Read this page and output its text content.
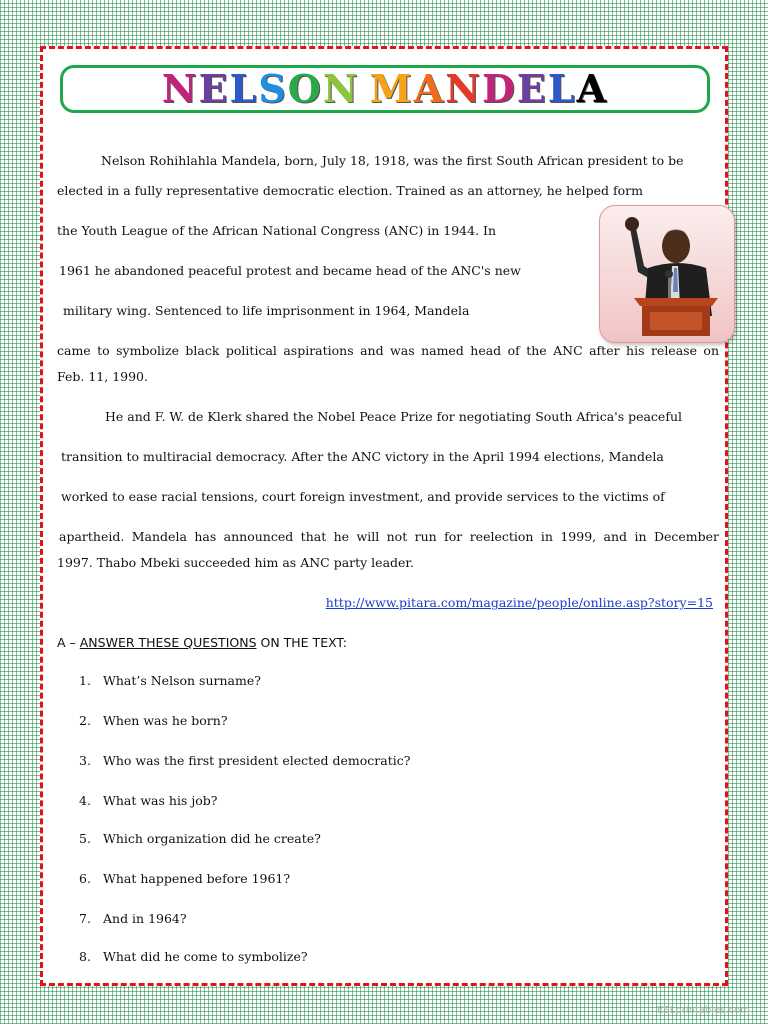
NELSON MANDELA
Nelson Rohihlahla Mandela, born, July 18, 1918, was the first South African president to be
elected in a fully representative democratic election. Trained as an attorney, he helped form
the Youth League of the African National Congress (ANC) in 1944. In
1961 he abandoned peaceful protest and became head of the ANC's new
military wing. Sentenced to life imprisonment in 1964, Mandela
came to symbolize black political aspirations and was named head of the ANC after his release on
Feb. 11, 1990.
He and F. W. de Klerk shared the Nobel Peace Prize for negotiating South Africa's peaceful
transition to multiracial democracy. After the ANC victory in the April 1994 elections, Mandela
worked to ease racial tensions, court foreign investment, and provide services to the victims of
apartheid. Mandela has announced that he will not run for reelection in 1999, and in December
1997. Thabo Mbeki succeeded him as ANC party leader.
http://www.pitara.com/magazine/people/online.asp?story=15
A – ANSWER THESE QUESTIONS ON THE TEXT:
1. What’s Nelson surname?
2. When was he born?
3. Who was the first president elected democratic?
4. What was his job?
5. Which organization did he create?
6. What happened before 1961?
7. And in 1964?
8. What did he come to symbolize?
ESLprintables.com
